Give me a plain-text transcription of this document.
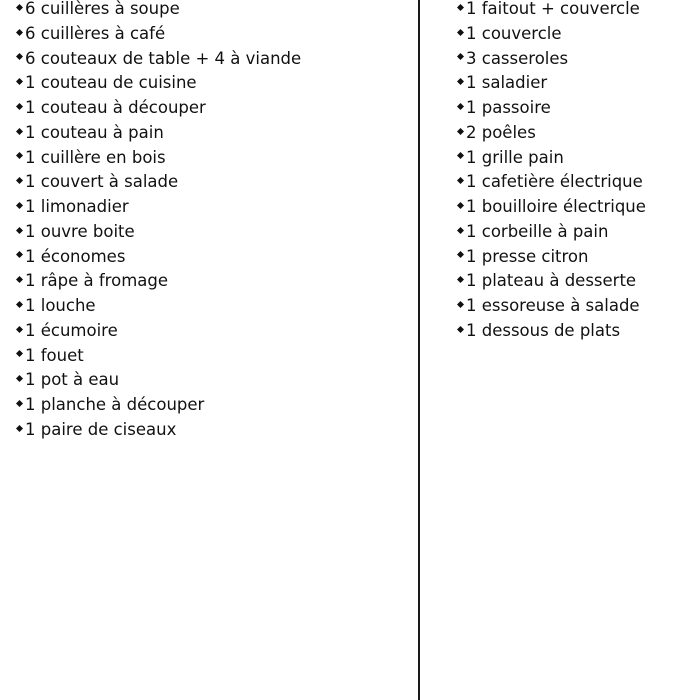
6 cuillères à soupe
6 cuillères à café
6 couteaux de table + 4 à viande
1 couteau de cuisine
1 couteau à découper
1 couteau à pain
1 cuillère en bois
1 couvert à salade
1 limonadier
1 ouvre boite
1 économes
1 râpe à fromage
1 louche
1 écumoire
1 fouet
1 pot à eau
1 planche à découper
1 paire de ciseaux
1 faitout + couvercle
1 couvercle
3 casseroles
1 saladier
1 passoire
2 poêles
1 grille pain
1 cafetière électrique
1 bouilloire électrique
1 corbeille à pain
1 presse citron
1 plateau à desserte
1 essoreuse à salade
1 dessous de plats
